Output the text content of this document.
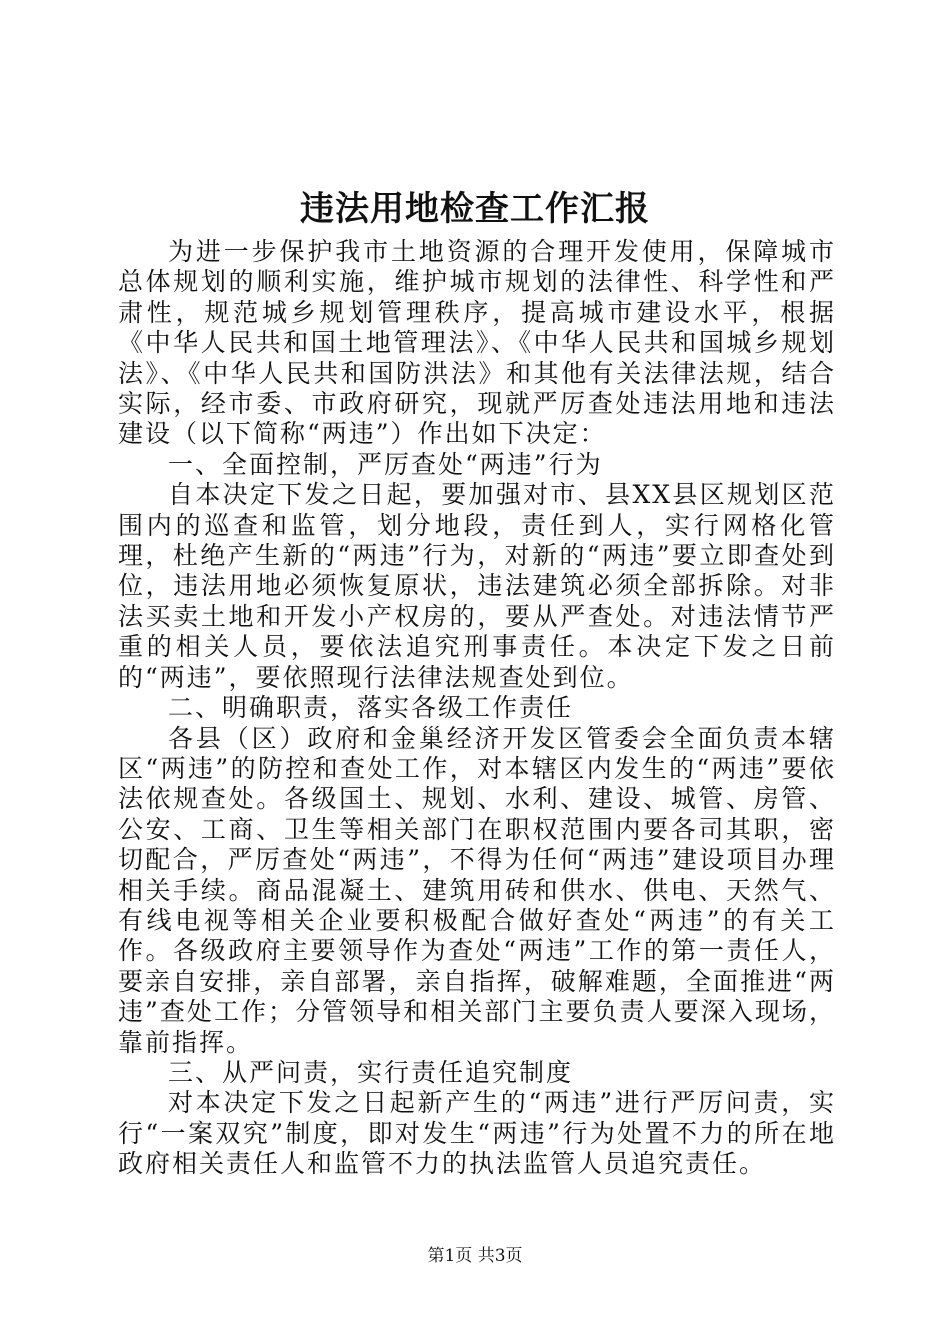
违法用地检查工作汇报

为进一步保护我市土地资源的合理开发使用，保障城市总体规划的顺利实施，维护城市规划的法律性、科学性和严肃性，规范城乡规划管理秩序，提高城市建设水平，根据《中华人民共和国土地管理法》、《中华人民共和国城乡规划法》、《中华人民共和国防洪法》和其他有关法律法规，结合实际，经市委、市政府研究，现就严厉查处违法用地和违法建设（以下简称“两违”）作出如下决定：

一、全面控制，严厉查处“两违”行为

自本决定下发之日起，要加强对市、县XX县区规划区范围内的巡查和监管，划分地段，责任到人，实行网格化管理，杜绝产生新的“两违”行为，对新的“两违”要立即查处到位，违法用地必须恢复原状，违法建筑必须全部拆除。对非法买卖土地和开发小产权房的，要从严查处。对违法情节严重的相关人员，要依法追究刑事责任。本决定下发之日前的“两违”，要依照现行法律法规查处到位。

二、明确职责，落实各级工作责任

各县（区）政府和金巢经济开发区管委会全面负责本辖区“两违”的防控和查处工作，对本辖区内发生的“两违”要依法依规查处。各级国土、规划、水利、建设、城管、房管、公安、工商、卫生等相关部门在职权范围内要各司其职，密切配合，严厉查处“两违”，不得为任何“两违”建设项目办理相关手续。商品混凝土、建筑用砖和供水、供电、天然气、有线电视等相关企业要积极配合做好查处“两违”的有关工作。各级政府主要领导作为查处“两违”工作的第一责任人，要亲自安排，亲自部署，亲自指挥，破解难题，全面推进“两违”查处工作；分管领导和相关部门主要负责人要深入现场，靠前指挥。

三、从严问责，实行责任追究制度

对本决定下发之日起新产生的“两违”进行严厉问责，实行“一案双究”制度，即对发生“两违”行为处置不力的所在地政府相关责任人和监管不力的执法监管人员追究责任。

第1页 共3页
